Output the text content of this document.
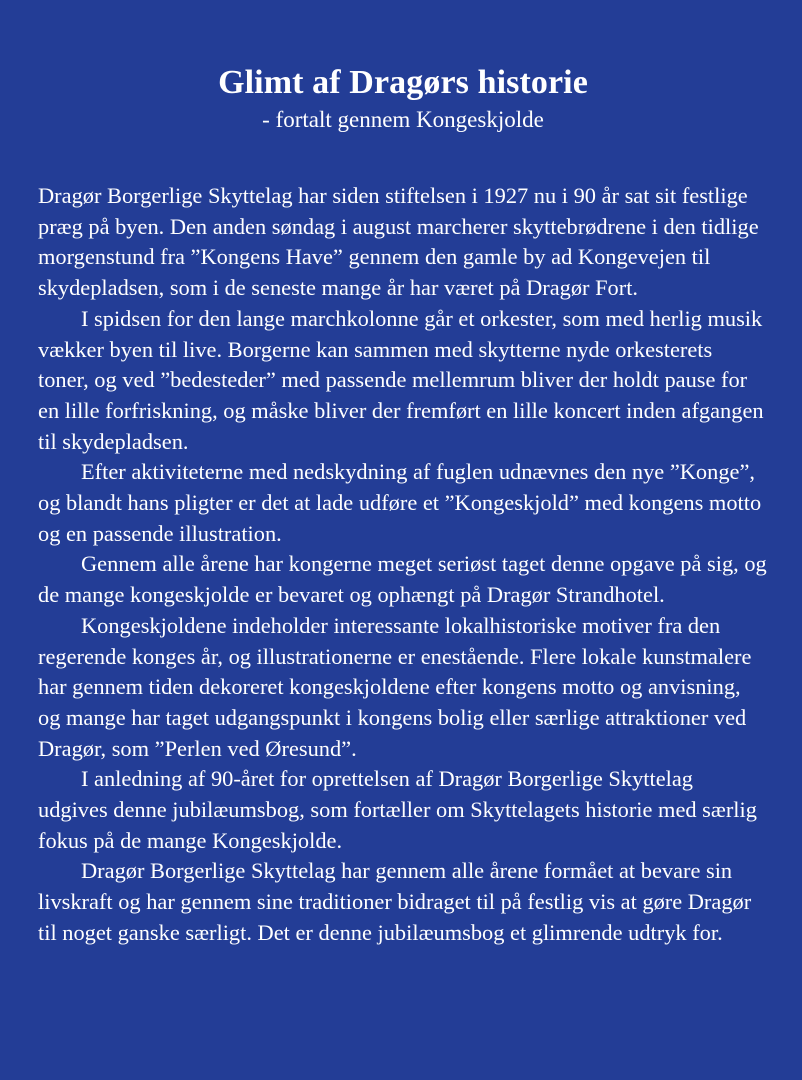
Glimt af Dragørs historie

- fortalt gennem Kongeskjolde

Dragør Borgerlige Skyttelag har siden stiftelsen i 1927 nu i 90 år sat sit festlige præg på byen. Den anden søndag i august marcherer skyttebrødrene i den tidlige morgenstund fra ”Kongens Have” gennem den gamle by ad Kongevejen til skydepladsen, som i de seneste mange år har været på Dragør Fort.

I spidsen for den lange marchkolonne går et orkester, som med herlig musik vækker byen til live. Borgerne kan sammen med skytterne nyde orkesterets toner, og ved ”bedesteder” med passende mellemrum bliver der holdt pause for en lille forfriskning, og måske bliver der fremført en lille koncert inden afgangen til skydepladsen.

Efter aktiviteterne med nedskydning af fuglen udnævnes den nye ”Konge”, og blandt hans pligter er det at lade udføre et ”Kongeskjold” med kongens motto og en passende illustration.

Gennem alle årene har kongerne meget seriøst taget denne opgave på sig, og de mange kongeskjolde er bevaret og ophængt på Dragør Strandhotel.

Kongeskjoldene indeholder interessante lokalhistoriske motiver fra den regerende konges år, og illustrationerne er enestående. Flere lokale kunstmalere har gennem tiden dekoreret kongeskjoldene efter kongens motto og anvisning, og mange har taget udgangspunkt i kongens bolig eller særlige attraktioner ved Dragør, som ”Perlen ved Øresund”.

I anledning af 90-året for oprettelsen af Dragør Borgerlige Skyttelag udgives denne jubilæumsbog, som fortæller om Skyttelagets historie med særlig fokus på de mange Kongeskjolde.

Dragør Borgerlige Skyttelag har gennem alle årene formået at bevare sin livskraft og har gennem sine traditioner bidraget til på festlig vis at gøre Dragør til noget ganske særligt. Det er denne jubilæumsbog et glimrende udtryk for.
